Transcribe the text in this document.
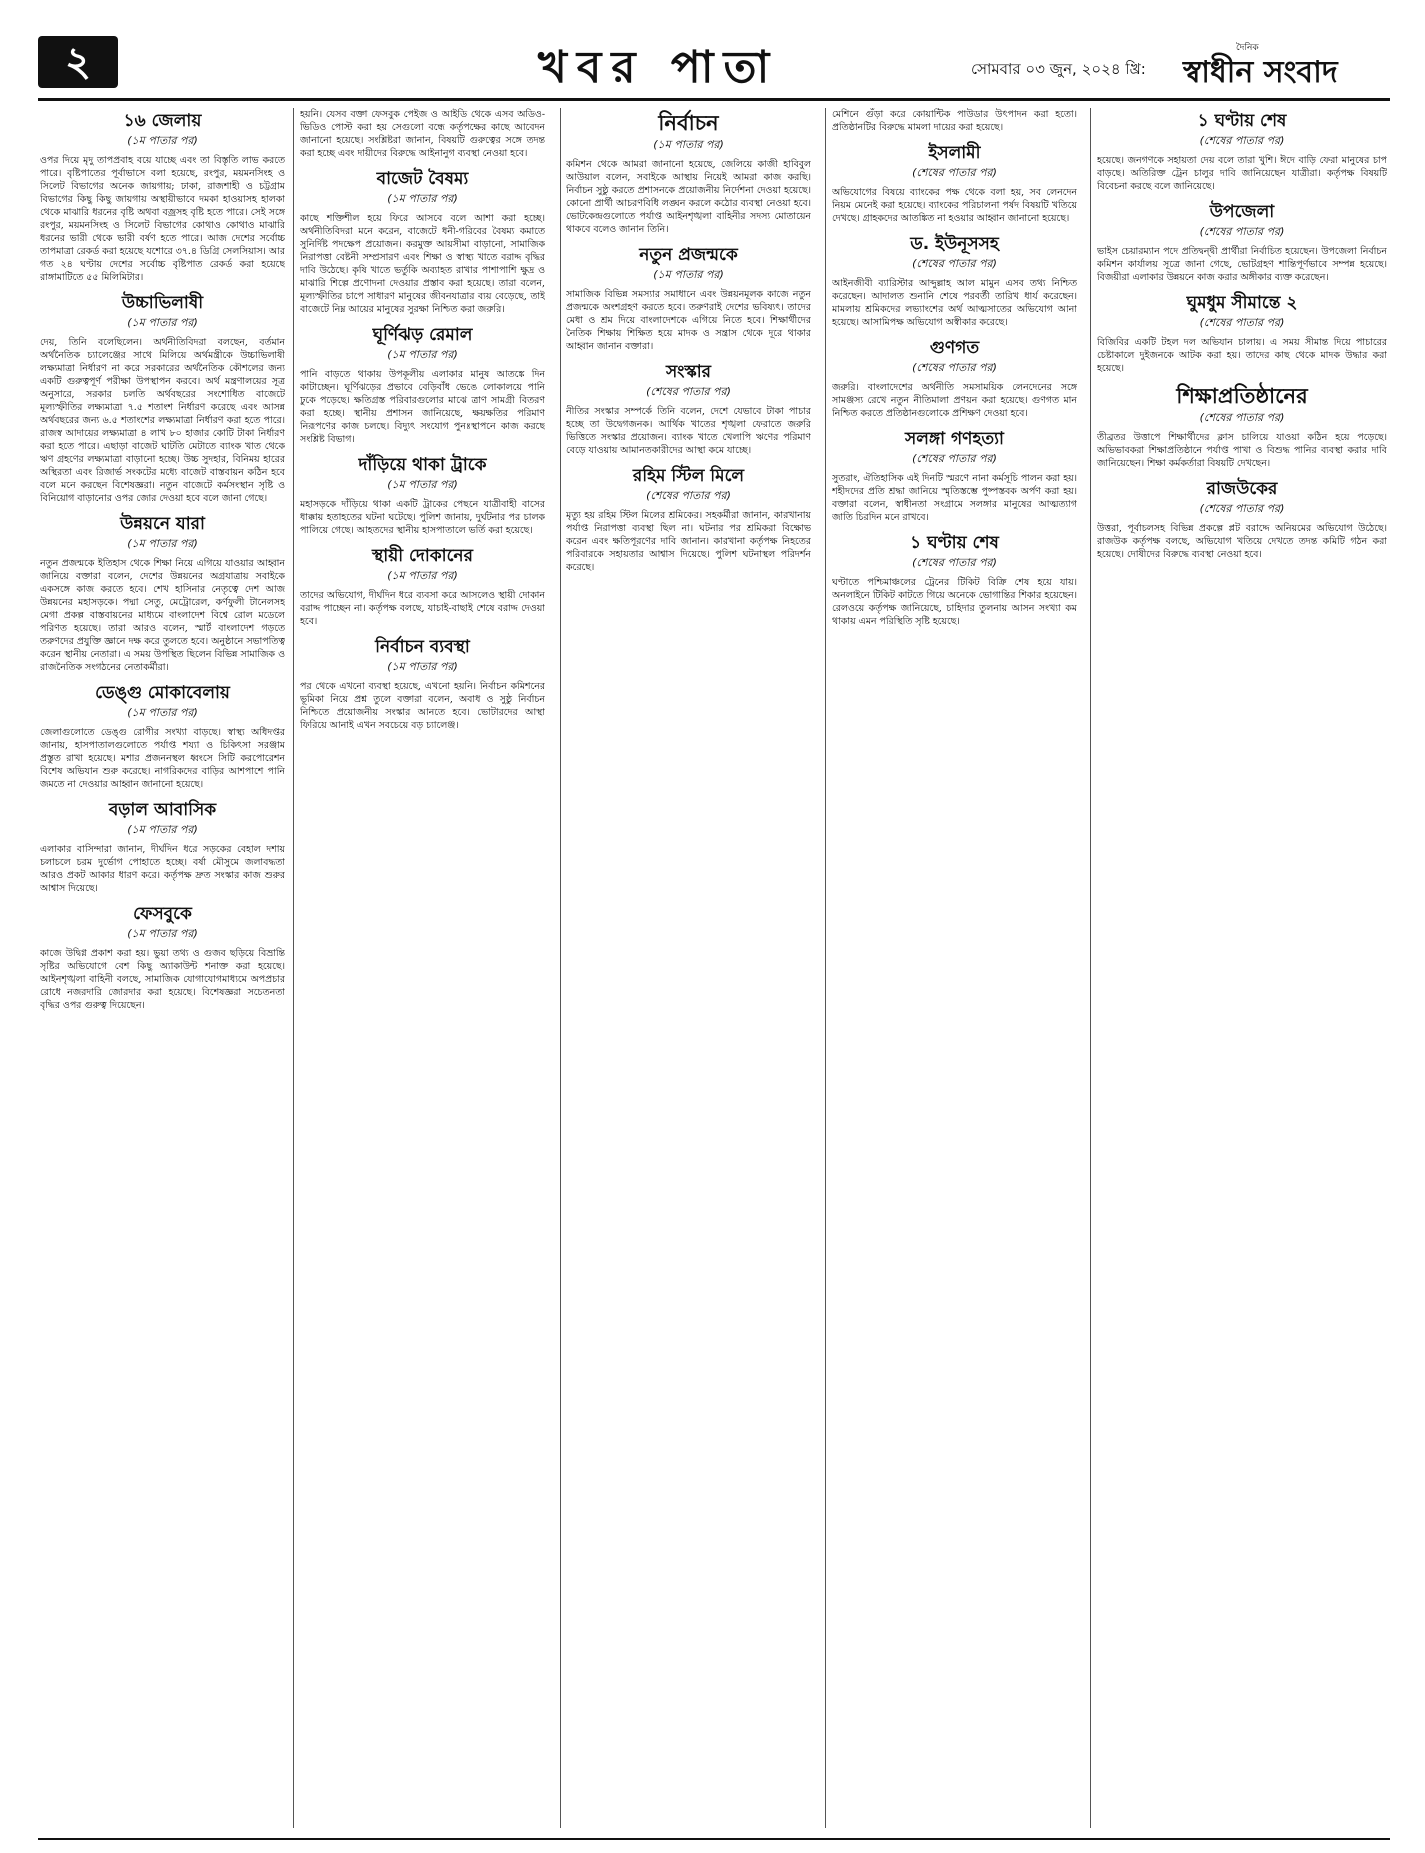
২	খবর পাতা	সোমবার ০৩ জুন, ২০২৪ খ্রি:
দৈনিক
স্বাধীন সংবাদ
১৬ জেলায়
(১ম পাতার পর)

ওপর দিয়ে মৃদু তাপপ্রবাহ বয়ে যাচ্ছে এবং তা বিস্তৃতি লাভ করতে পারে। বৃষ্টিপাতের পূর্বাভাসে বলা হয়েছে, রংপুর, ময়মনসিংহ ও সিলেট বিভাগের অনেক জায়গায়; ঢাকা, রাজশাহী ও চট্টগ্রাম বিভাগের কিছু কিছু জায়গায় অস্থায়ীভাবে দমকা হাওয়াসহ হালকা থেকে মাঝারি ধরনের বৃষ্টি অথবা বজ্রসহ বৃষ্টি হতে পারে। সেই সঙ্গে রংপুর, ময়মনসিংহ ও সিলেট বিভাগের কোথাও কোথাও মাঝারি ধরনের ভারী থেকে ভারী বর্ষণ হতে পারে। আজ দেশের সর্বোচ্চ তাপমাত্রা রেকর্ড করা হয়েছে যশোরে ৩৭.৪ ডিগ্রি সেলসিয়াস। আর গত ২৪ ঘণ্টায় দেশের সর্বোচ্চ বৃষ্টিপাত রেকর্ড করা হয়েছে রাঙ্গামাটিতে ৫৫ মিলিমিটার।

উচ্চাভিলাষী
(১ম পাতার পর)

দেয়, তিনি বলেছিলেন। অর্থনীতিবিদরা বলছেন, বর্তমান অর্থনৈতিক চ্যালেঞ্জের সাথে মিলিয়ে অর্থমন্ত্রীকে উচ্চাভিলাষী লক্ষ্যমাত্রা নির্ধারণ না করে সরকারের অর্থনৈতিক কৌশলের জন্য একটি গুরুত্বপূর্ণ পরীক্ষা উপস্থাপন করবে। অর্থ মন্ত্রণালয়ের সূত্র অনুসারে, সরকার চলতি অর্থবছরের সংশোধিত বাজেটে মূল্যস্ফীতির লক্ষ্যমাত্রা ৭.৫ শতাংশ নির্ধারণ করেছে এবং আসন্ন অর্থবছরের জন্য ৬.৫ শতাংশের লক্ষ্যমাত্রা নির্ধারণ করা হতে পারে। রাজস্ব আদায়ের লক্ষ্যমাত্রা ৪ লাখ ৮০ হাজার কোটি টাকা নির্ধারণ করা হতে পারে। এছাড়া বাজেট ঘাটতি মেটাতে ব্যাংক খাত থেকে ঋণ গ্রহণের লক্ষ্যমাত্রা বাড়ানো হচ্ছে। উচ্চ সুদহার, বিনিময় হারের অস্থিরতা এবং রিজার্ভ সংকটের মধ্যে বাজেট বাস্তবায়ন কঠিন হবে বলে মনে করছেন বিশেষজ্ঞরা। নতুন বাজেটে কর্মসংস্থান সৃষ্টি ও বিনিয়োগ বাড়ানোর ওপর জোর দেওয়া হবে বলে জানা গেছে।

উন্নয়নে যারা
(১ম পাতার পর)

নতুন প্রজন্মকে ইতিহাস থেকে শিক্ষা নিয়ে এগিয়ে যাওয়ার আহ্বান জানিয়ে বক্তারা বলেন, দেশের উন্নয়নের অগ্রযাত্রায় সবাইকে একসঙ্গে কাজ করতে হবে। শেখ হাসিনার নেতৃত্বে দেশ আজ উন্নয়নের মহাসড়কে। পদ্মা সেতু, মেট্রোরেল, কর্ণফুলী টানেলসহ মেগা প্রকল্প বাস্তবায়নের মাধ্যমে বাংলাদেশ বিশ্বে রোল মডেলে পরিণত হয়েছে। তারা আরও বলেন, স্মার্ট বাংলাদেশ গড়তে তরুণদের প্রযুক্তি জ্ঞানে দক্ষ করে তুলতে হবে। অনুষ্ঠানে সভাপতিত্ব করেন স্থানীয় নেতারা। এ সময় উপস্থিত ছিলেন বিভিন্ন সামাজিক ও রাজনৈতিক সংগঠনের নেতাকর্মীরা।

ডেঙ্গু মোকাবেলায়
(১ম পাতার পর)

জেলাগুলোতে ডেঙ্গু রোগীর সংখ্যা বাড়ছে। স্বাস্থ্য অধিদপ্তর জানায়, হাসপাতালগুলোতে পর্যাপ্ত শয্যা ও চিকিৎসা সরঞ্জাম প্রস্তুত রাখা হয়েছে। মশার প্রজননস্থল ধ্বংসে সিটি করপোরেশন বিশেষ অভিযান শুরু করেছে। নাগরিকদের বাড়ির আশপাশে পানি জমতে না দেওয়ার আহ্বান জানানো হয়েছে।

বড়াল আবাসিক
(১ম পাতার পর)

এলাকার বাসিন্দারা জানান, দীর্ঘদিন ধরে সড়কের বেহাল দশায় চলাচলে চরম দুর্ভোগ পোহাতে হচ্ছে। বর্ষা মৌসুমে জলাবদ্ধতা আরও প্রকট আকার ধারণ করে। কর্তৃপক্ষ দ্রুত সংস্কার কাজ শুরুর আশ্বাস দিয়েছে।

ফেসবুকে
(১ম পাতার পর)

কাজে উদ্বিগ্ন প্রকাশ করা হয়। ভুয়া তথ্য ও গুজব ছড়িয়ে বিভ্রান্তি সৃষ্টির অভিযোগে বেশ কিছু অ্যাকাউন্ট শনাক্ত করা হয়েছে। আইনশৃঙ্খলা বাহিনী বলছে, সামাজিক যোগাযোগমাধ্যমে অপপ্রচার রোধে নজরদারি জোরদার করা হয়েছে। বিশেষজ্ঞরা সচেতনতা বৃদ্ধির ওপর গুরুত্ব দিয়েছেন।

হয়নি। যেসব বক্তা ফেসবুক পেইজ ও আইডি থেকে এসব অডিও-ভিডিও পোস্ট করা হয় সেগুলো বন্ধে কর্তৃপক্ষের কাছে আবেদন জানানো হয়েছে। সংশ্লিষ্টরা জানান, বিষয়টি গুরুত্বের সঙ্গে তদন্ত করা হচ্ছে এবং দায়ীদের বিরুদ্ধে আইনানুগ ব্যবস্থা নেওয়া হবে।

বাজেট বৈষম্য
(১ম পাতার পর)

কাছে শক্তিশীল হয়ে ফিরে আসবে বলে আশা করা হচ্ছে। অর্থনীতিবিদরা মনে করেন, বাজেটে ধনী-গরিবের বৈষম্য কমাতে সুনির্দিষ্ট পদক্ষেপ প্রয়োজন। করমুক্ত আয়সীমা বাড়ানো, সামাজিক নিরাপত্তা বেষ্টনী সম্প্রসারণ এবং শিক্ষা ও স্বাস্থ্য খাতে বরাদ্দ বৃদ্ধির দাবি উঠেছে। কৃষি খাতে ভর্তুকি অব্যাহত রাখার পাশাপাশি ক্ষুদ্র ও মাঝারি শিল্পে প্রণোদনা দেওয়ার প্রস্তাব করা হয়েছে। তারা বলেন, মূল্যস্ফীতির চাপে সাধারণ মানুষের জীবনযাত্রার ব্যয় বেড়েছে, তাই বাজেটে নিম্ন আয়ের মানুষের সুরক্ষা নিশ্চিত করা জরুরি।

ঘূর্ণিঝড় রেমাল
(১ম পাতার পর)

পানি বাড়তে থাকায় উপকূলীয় এলাকার মানুষ আতঙ্কে দিন কাটাচ্ছেন। ঘূর্ণিঝড়ের প্রভাবে বেড়িবাঁধ ভেঙে লোকালয়ে পানি ঢুকে পড়েছে। ক্ষতিগ্রস্ত পরিবারগুলোর মাঝে ত্রাণ সামগ্রী বিতরণ করা হচ্ছে। স্থানীয় প্রশাসন জানিয়েছে, ক্ষয়ক্ষতির পরিমাণ নিরূপণের কাজ চলছে। বিদ্যুৎ সংযোগ পুনঃস্থাপনে কাজ করছে সংশ্লিষ্ট বিভাগ।

দাঁড়িয়ে থাকা ট্রাকে
(১ম পাতার পর)

মহাসড়কে দাঁড়িয়ে থাকা একটি ট্রাকের পেছনে যাত্রীবাহী বাসের ধাক্কায় হতাহতের ঘটনা ঘটেছে। পুলিশ জানায়, দুর্ঘটনার পর চালক পালিয়ে গেছে। আহতদের স্থানীয় হাসপাতালে ভর্তি করা হয়েছে।

স্থায়ী দোকানের
(১ম পাতার পর)

তাদের অভিযোগ, দীর্ঘদিন ধরে ব্যবসা করে আসলেও স্থায়ী দোকান বরাদ্দ পাচ্ছেন না। কর্তৃপক্ষ বলছে, যাচাই-বাছাই শেষে বরাদ্দ দেওয়া হবে।

নির্বাচন ব্যবস্থা
(১ম পাতার পর)

পর থেকে এখনো ব্যবস্থা হয়েছে, এখনো হয়নি। নির্বাচন কমিশনের ভূমিকা নিয়ে প্রশ্ন তুলে বক্তারা বলেন, অবাধ ও সুষ্ঠু নির্বাচন নিশ্চিতে প্রয়োজনীয় সংস্কার আনতে হবে। ভোটারদের আস্থা ফিরিয়ে আনাই এখন সবচেয়ে বড় চ্যালেঞ্জ।

নির্বাচন
(১ম পাতার পর)

কমিশন থেকে আমরা জানানো হয়েছে, জেলিয়ে কাজী হাবিবুল আউয়াল বলেন, সবাইকে আস্থায় নিয়েই আমরা কাজ করছি। নির্বাচন সুষ্ঠু করতে প্রশাসনকে প্রয়োজনীয় নির্দেশনা দেওয়া হয়েছে। কোনো প্রার্থী আচরণবিধি লঙ্ঘন করলে কঠোর ব্যবস্থা নেওয়া হবে। ভোটকেন্দ্রগুলোতে পর্যাপ্ত আইনশৃঙ্খলা বাহিনীর সদস্য মোতায়েন থাকবে বলেও জানান তিনি।

নতুন প্রজন্মকে
(১ম পাতার পর)

সামাজিক বিভিন্ন সমস্যার সমাধানে এবং উন্নয়নমূলক কাজে নতুন প্রজন্মকে অংশগ্রহণ করতে হবে। তরুণরাই দেশের ভবিষ্যৎ। তাদের মেধা ও শ্রম দিয়ে বাংলাদেশকে এগিয়ে নিতে হবে। শিক্ষার্থীদের নৈতিক শিক্ষায় শিক্ষিত হয়ে মাদক ও সন্ত্রাস থেকে দূরে থাকার আহ্বান জানান বক্তারা।

সংস্কার
(শেষের পাতার পর)

নীতির সংস্কার সম্পর্কে তিনি বলেন, দেশে যেভাবে টাকা পাচার হচ্ছে তা উদ্বেগজনক। আর্থিক খাতের শৃঙ্খলা ফেরাতে জরুরি ভিত্তিতে সংস্কার প্রয়োজন। ব্যাংক খাতে খেলাপি ঋণের পরিমাণ বেড়ে যাওয়ায় আমানতকারীদের আস্থা কমে যাচ্ছে।

রহিম স্টিল মিলে
(শেষের পাতার পর)

মৃত্যু হয় রহিম স্টিল মিলের শ্রমিকের। সহকর্মীরা জানান, কারখানায় পর্যাপ্ত নিরাপত্তা ব্যবস্থা ছিল না। ঘটনার পর শ্রমিকরা বিক্ষোভ করেন এবং ক্ষতিপূরণের দাবি জানান। কারখানা কর্তৃপক্ষ নিহতের পরিবারকে সহায়তার আশ্বাস দিয়েছে। পুলিশ ঘটনাস্থল পরিদর্শন করেছে।

মেশিনে গুঁড়া করে কোয়ান্টিক পাউডার উৎপাদন করা হতো। প্রতিষ্ঠানটির বিরুদ্ধে মামলা দায়ের করা হয়েছে।

ইসলামী
(শেষের পাতার পর)

অভিযোগের বিষয়ে ব্যাংকের পক্ষ থেকে বলা হয়, সব লেনদেন নিয়ম মেনেই করা হয়েছে। ব্যাংকের পরিচালনা পর্ষদ বিষয়টি খতিয়ে দেখছে। গ্রাহকদের আতঙ্কিত না হওয়ার আহ্বান জানানো হয়েছে।

ড. ইউনূসসহ
(শেষের পাতার পর)

আইনজীবী ব্যারিস্টার আব্দুল্লাহ আল মামুন এসব তথ্য নিশ্চিত করেছেন। আদালত শুনানি শেষে পরবর্তী তারিখ ধার্য করেছেন। মামলায় শ্রমিকদের লভ্যাংশের অর্থ আত্মসাতের অভিযোগ আনা হয়েছে। আসামিপক্ষ অভিযোগ অস্বীকার করেছে।

গুণগত
(শেষের পাতার পর)

জরুরি। বাংলাদেশের অর্থনীতি সমসাময়িক লেনদেনের সঙ্গে সামঞ্জস্য রেখে নতুন নীতিমালা প্রণয়ন করা হয়েছে। গুণগত মান নিশ্চিত করতে প্রতিষ্ঠানগুলোকে প্রশিক্ষণ দেওয়া হবে।

সলঙ্গা গণহত্যা
(শেষের পাতার পর)

সুতরাং, ঐতিহাসিক এই দিনটি স্মরণে নানা কর্মসূচি পালন করা হয়। শহীদদের প্রতি শ্রদ্ধা জানিয়ে স্মৃতিস্তম্ভে পুষ্পস্তবক অর্পণ করা হয়। বক্তারা বলেন, স্বাধীনতা সংগ্রামে সলঙ্গার মানুষের আত্মত্যাগ জাতি চিরদিন মনে রাখবে।

১ ঘণ্টায় শেষ
(শেষের পাতার পর)

ঘণ্টাতে পশ্চিমাঞ্চলের ট্রেনের টিকিট বিক্রি শেষ হয়ে যায়। অনলাইনে টিকিট কাটতে গিয়ে অনেকে ভোগান্তির শিকার হয়েছেন। রেলওয়ে কর্তৃপক্ষ জানিয়েছে, চাহিদার তুলনায় আসন সংখ্যা কম থাকায় এমন পরিস্থিতি সৃষ্টি হয়েছে।

১ ঘণ্টায় শেষ
(শেষের পাতার পর)

হয়েছে। জনগণকে সহায়তা দেয় বলে তারা খুশি। ঈদে বাড়ি ফেরা মানুষের চাপ বাড়ছে। অতিরিক্ত ট্রেন চালুর দাবি জানিয়েছেন যাত্রীরা। কর্তৃপক্ষ বিষয়টি বিবেচনা করছে বলে জানিয়েছে।

উপজেলা
(শেষের পাতার পর)

ভাইস চেয়ারম্যান পদে প্রতিদ্বন্দ্বী প্রার্থীরা নির্বাচিত হয়েছেন। উপজেলা নির্বাচন কমিশন কার্যালয় সূত্রে জানা গেছে, ভোটগ্রহণ শান্তিপূর্ণভাবে সম্পন্ন হয়েছে। বিজয়ীরা এলাকার উন্নয়নে কাজ করার অঙ্গীকার ব্যক্ত করেছেন।

ঘুমধুম সীমান্তে ২
(শেষের পাতার পর)

বিজিবির একটি টহল দল অভিযান চালায়। এ সময় সীমান্ত দিয়ে পাচারের চেষ্টাকালে দুইজনকে আটক করা হয়। তাদের কাছ থেকে মাদক উদ্ধার করা হয়েছে।

শিক্ষাপ্রতিষ্ঠানের
(শেষের পাতার পর)

তীব্রতর উত্তাপে শিক্ষার্থীদের ক্লাস চালিয়ে যাওয়া কঠিন হয়ে পড়েছে। অভিভাবকরা শিক্ষাপ্রতিষ্ঠানে পর্যাপ্ত পাখা ও বিশুদ্ধ পানির ব্যবস্থা করার দাবি জানিয়েছেন। শিক্ষা কর্মকর্তারা বিষয়টি দেখছেন।

রাজউকের
(শেষের পাতার পর)

উত্তরা, পূর্বাচলসহ বিভিন্ন প্রকল্পে প্লট বরাদ্দে অনিয়মের অভিযোগ উঠেছে। রাজউক কর্তৃপক্ষ বলছে, অভিযোগ খতিয়ে দেখতে তদন্ত কমিটি গঠন করা হয়েছে। দোষীদের বিরুদ্ধে ব্যবস্থা নেওয়া হবে।
